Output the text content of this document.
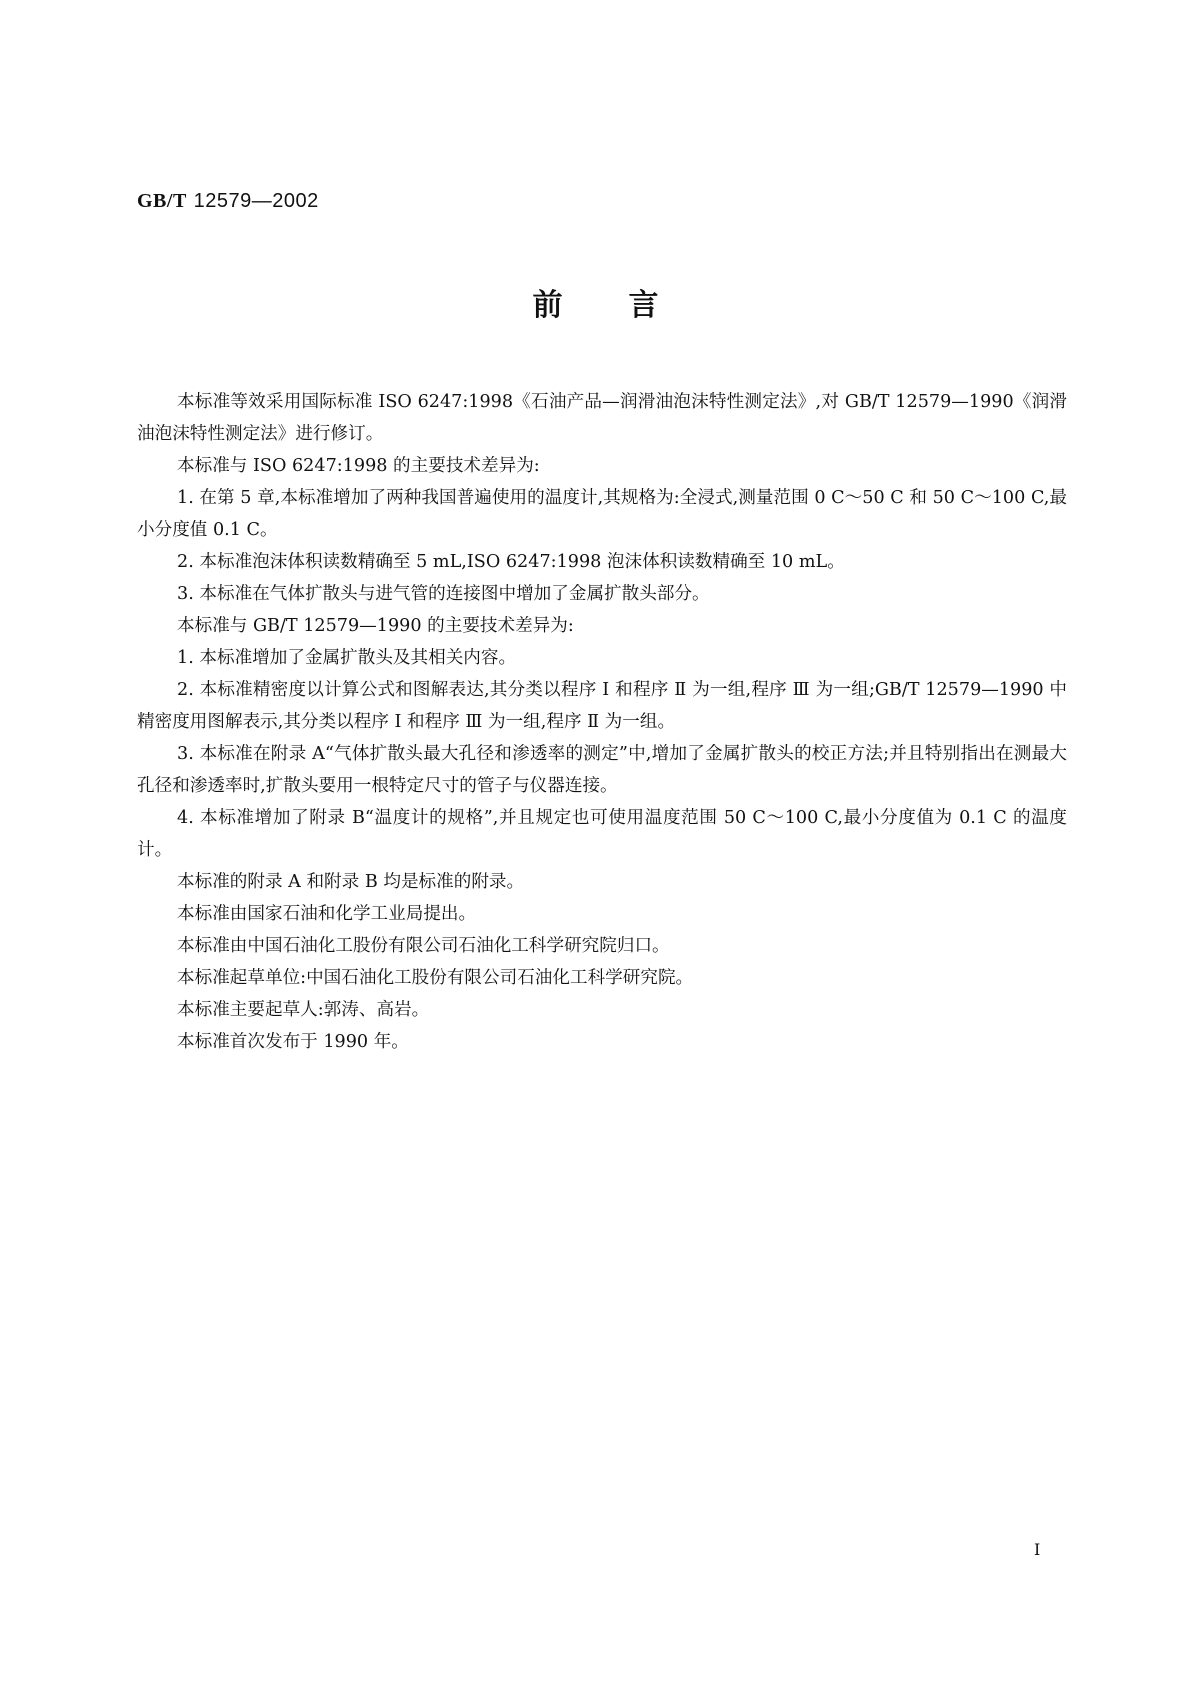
GB/T 12579—2002
前言

本标准等效采用国际标准 ISO 6247:1998《石油产品—润滑油泡沫特性测定法》,对 GB/T 12579—1990《润滑油泡沫特性测定法》进行修订。

本标准与 ISO 6247:1998 的主要技术差异为:

1. 在第 5 章,本标准增加了两种我国普遍使用的温度计,其规格为:全浸式,测量范围 0 C～50 C 和 50 C～100 C,最小分度值 0.1 C。

2. 本标准泡沫体积读数精确至 5 mL,ISO 6247:1998 泡沫体积读数精确至 10 mL。

3. 本标准在气体扩散头与进气管的连接图中增加了金属扩散头部分。

本标准与 GB/T 12579—1990 的主要技术差异为:

1. 本标准增加了金属扩散头及其相关内容。

2. 本标准精密度以计算公式和图解表达,其分类以程序 Ⅰ 和程序 Ⅱ 为一组,程序 Ⅲ 为一组;GB/T 12579—1990 中精密度用图解表示,其分类以程序 Ⅰ 和程序 Ⅲ 为一组,程序 Ⅱ 为一组。

3. 本标准在附录 A“气体扩散头最大孔径和渗透率的测定”中,增加了金属扩散头的校正方法;并且特别指出在测最大孔径和渗透率时,扩散头要用一根特定尺寸的管子与仪器连接。

4. 本标准增加了附录 B“温度计的规格”,并且规定也可使用温度范围 50 C～100 C,最小分度值为 0.1 C 的温度计。

本标准的附录 A 和附录 B 均是标准的附录。

本标准由国家石油和化学工业局提出。

本标准由中国石油化工股份有限公司石油化工科学研究院归口。

本标准起草单位:中国石油化工股份有限公司石油化工科学研究院。

本标准主要起草人:郭涛、高岩。

本标准首次发布于 1990 年。

I
